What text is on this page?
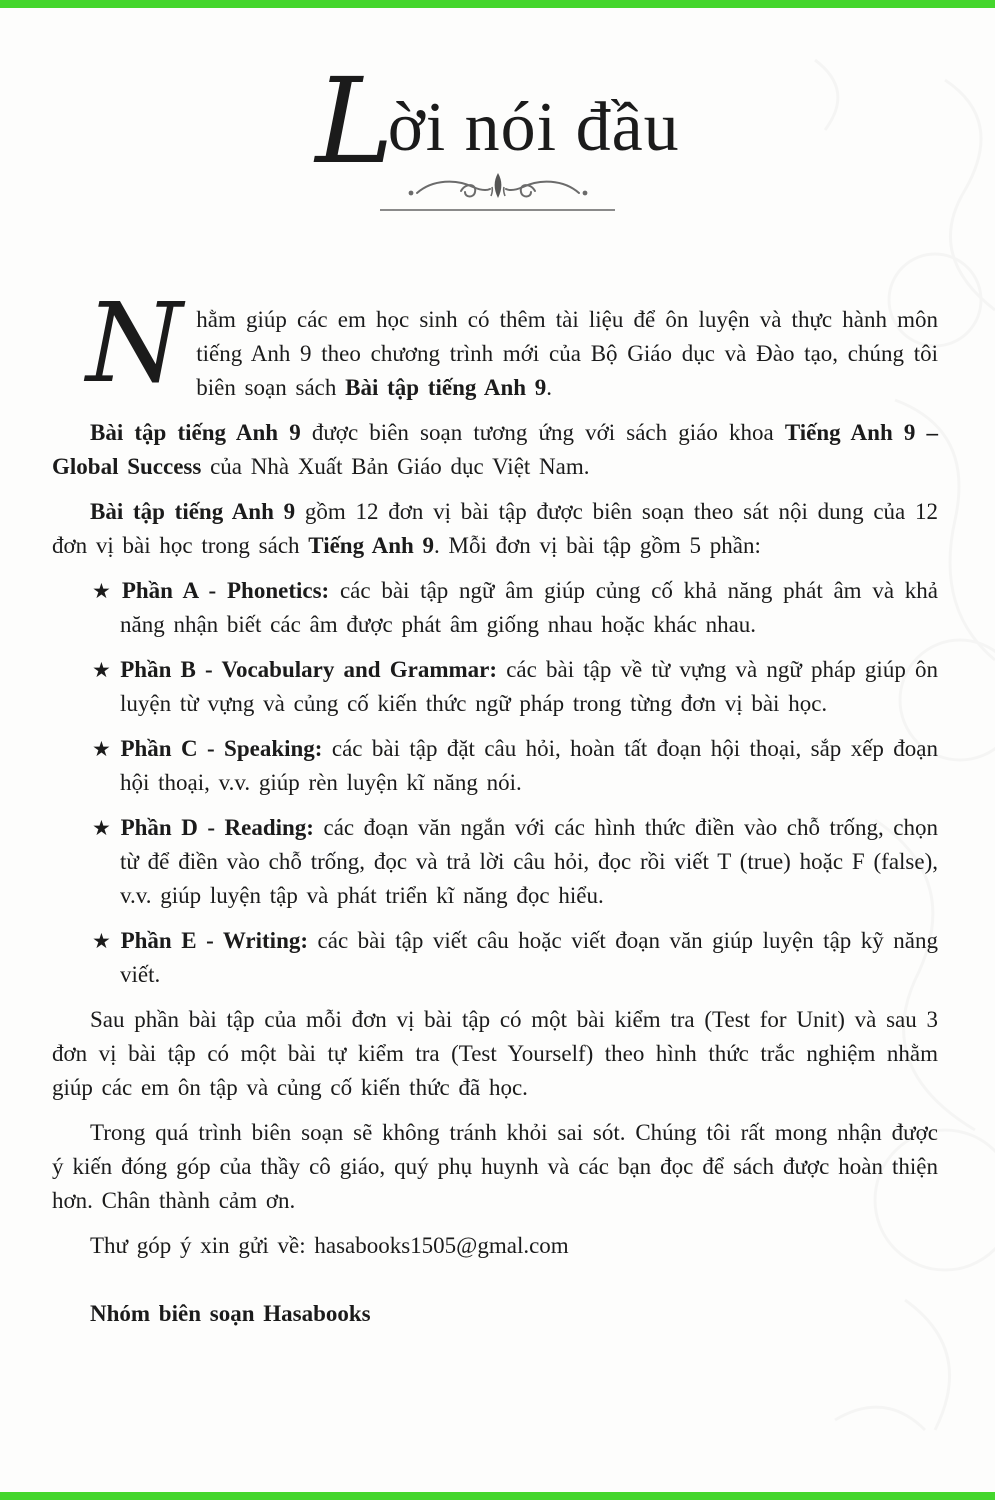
Lời nói đầu

Nhằm giúp các em học sinh có thêm tài liệu để ôn luyện và thực hành môn tiếng Anh 9 theo chương trình mới của Bộ Giáo dục và Đào tạo, chúng tôi biên soạn sách Bài tập tiếng Anh 9.

Bài tập tiếng Anh 9 được biên soạn tương ứng với sách giáo khoa Tiếng Anh 9 – Global Success của Nhà Xuất Bản Giáo dục Việt Nam.

Bài tập tiếng Anh 9 gồm 12 đơn vị bài tập được biên soạn theo sát nội dung của 12 đơn vị bài học trong sách Tiếng Anh 9. Mỗi đơn vị bài tập gồm 5 phần:

★ Phần A - Phonetics: các bài tập ngữ âm giúp củng cố khả năng phát âm và khả năng nhận biết các âm được phát âm giống nhau hoặc khác nhau.

★ Phần B - Vocabulary and Grammar: các bài tập về từ vựng và ngữ pháp giúp ôn luyện từ vựng và củng cố kiến thức ngữ pháp trong từng đơn vị bài học.

★ Phần C - Speaking: các bài tập đặt câu hỏi, hoàn tất đoạn hội thoại, sắp xếp đoạn hội thoại, v.v. giúp rèn luyện kĩ năng nói.

★ Phần D - Reading: các đoạn văn ngắn với các hình thức điền vào chỗ trống, chọn từ để điền vào chỗ trống, đọc và trả lời câu hỏi, đọc rồi viết T (true) hoặc F (false), v.v. giúp luyện tập và phát triển kĩ năng đọc hiểu.

★ Phần E - Writing: các bài tập viết câu hoặc viết đoạn văn giúp luyện tập kỹ năng viết.

Sau phần bài tập của mỗi đơn vị bài tập có một bài kiểm tra (Test for Unit) và sau 3 đơn vị bài tập có một bài tự kiểm tra (Test Yourself) theo hình thức trắc nghiệm nhằm giúp các em ôn tập và củng cố kiến thức đã học.

Trong quá trình biên soạn sẽ không tránh khỏi sai sót. Chúng tôi rất mong nhận được ý kiến đóng góp của thầy cô giáo, quý phụ huynh và các bạn đọc để sách được hoàn thiện hơn. Chân thành cảm ơn.

Thư góp ý xin gửi về: hasabooks1505@gmal.com

Nhóm biên soạn Hasabooks
